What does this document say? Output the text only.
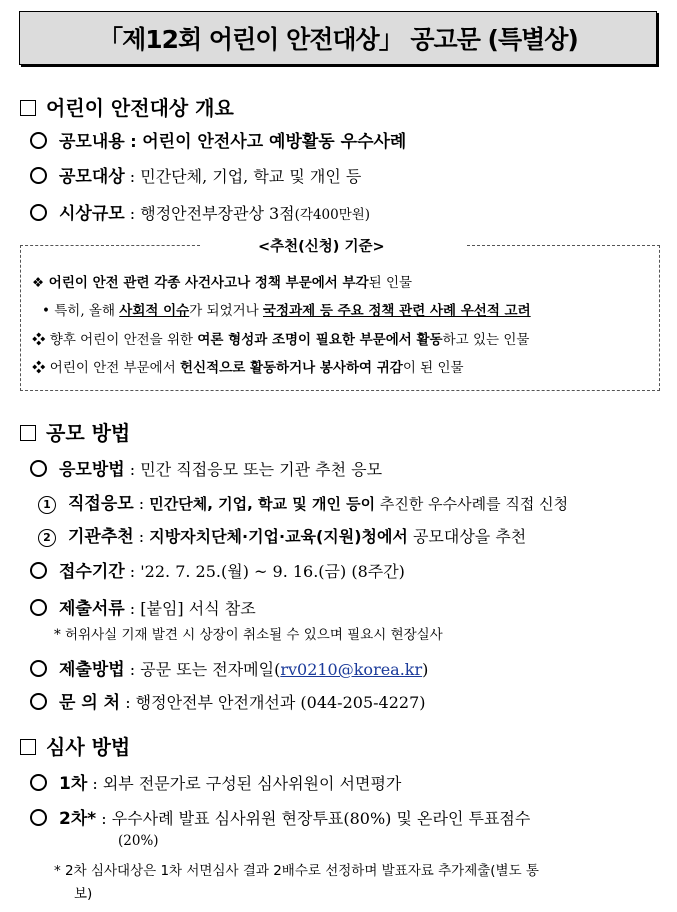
「제12회 어린이 안전대상」 공고문 (특별상)
어린이 안전대상 개요
공모내용 : 어린이 안전사고 예방활동 우수사례
공모대상 : 민간단체, 기업, 학교 및 개인 등
시상규모 : 행정안전부장관상 3점(각400만원)
<추천(신청) 기준>
❖ 어린이 안전 관련 각종 사건사고나 정책 부문에서 부각된 인물
• 특히, 올해 사회적 이슈가 되었거나 국정과제 등 주요 정책 관련 사례 우선적 고려
❖ 향후 어린이 안전을 위한 여론 형성과 조명이 필요한 부문에서 활동하고 있는 인물
❖ 어린이 안전 부문에서 헌신적으로 활동하거나 봉사하여 귀감이 된 인물
공모 방법
응모방법 : 민간 직접응모 또는 기관 추천 응모
1 직접응모 : 민간단체, 기업, 학교 및 개인 등이 추진한 우수사례를 직접 신청
2 기관추천 : 지방자치단체·기업·교육(지원)청에서 공모대상을 추천
접수기간 : '22. 7. 25.(월) ~ 9. 16.(금) (8주간)
제출서류 : [붙임] 서식 참조
* 허위사실 기재 발견 시 상장이 취소될 수 있으며 필요시 현장실사
제출방법 : 공문 또는 전자메일(rv0210@korea.kr)
문 의 처 : 행정안전부 안전개선과 (044-205-4227)
심사 방법
1차 : 외부 전문가로 구성된 심사위원이 서면평가
2차* : 우수사례 발표 심사위원 현장투표(80%) 및 온라인 투표점수
(20%)
* 2차 심사대상은 1차 서면심사 결과 2배수로 선정하며 발표자료 추가제출(별도 통
보)
